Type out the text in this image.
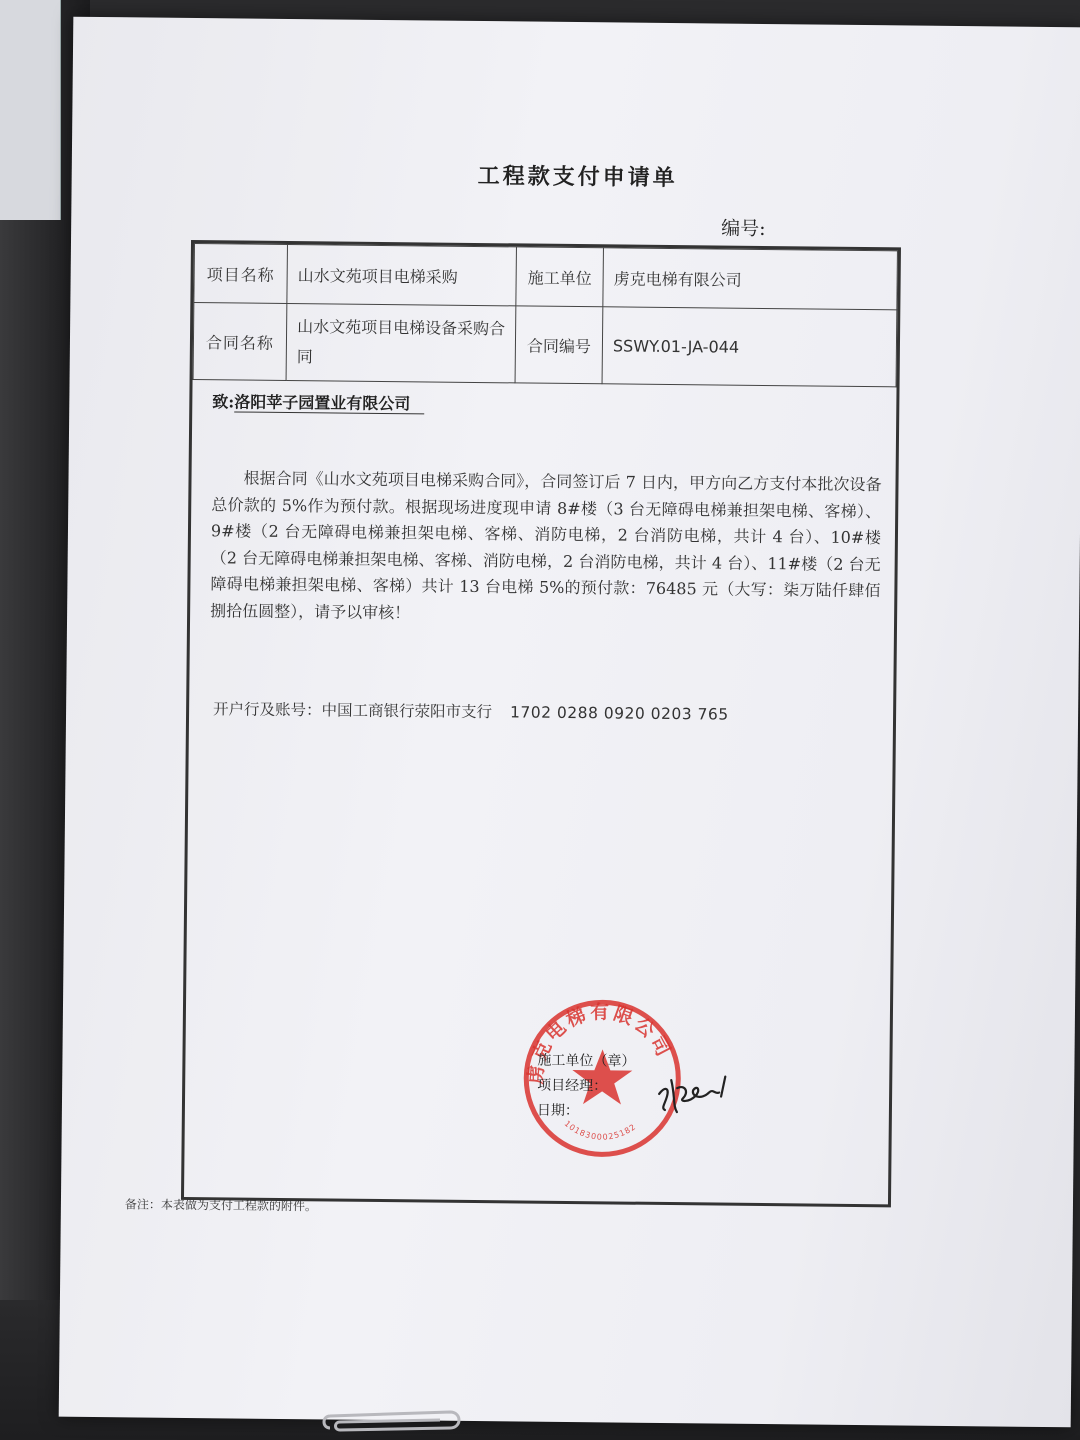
工程款支付申请单
编号:
项目名称	山水文苑项目电梯采购	施工单位	虏克电梯有限公司
合同名称	山水文苑项目电梯设备采购合同	合同编号	SSWY.01-JA-044
致:洛阳苹子园置业有限公司
根据合同《山水文苑项目电梯采购合同》，合同签订后 7 日内，甲方向乙方支付本批次设备总价款的 5%作为预付款。根据现场进度现申请 8#楼（3 台无障碍电梯兼担架电梯、客梯）、9#楼（2 台无障碍电梯兼担架电梯、客梯、消防电梯，2 台消防电梯，共计 4 台）、10#楼（2 台无障碍电梯兼担架电梯、客梯、消防电梯，2 台消防电梯，共计 4 台）、11#楼（2 台无障碍电梯兼担架电梯、客梯）共计 13 台电梯 5%的预付款：76485 元（大写：柒万陆仟肆佰捌拾伍圆整），请予以审核！
开户行及账号：中国工商银行荥阳市支行 1702 0288 0920 0203 765
虏克电梯有限公司
1018300025182
施工单位（章）
项目经理：
日期：
备注：本表做为支付工程款的附件。
